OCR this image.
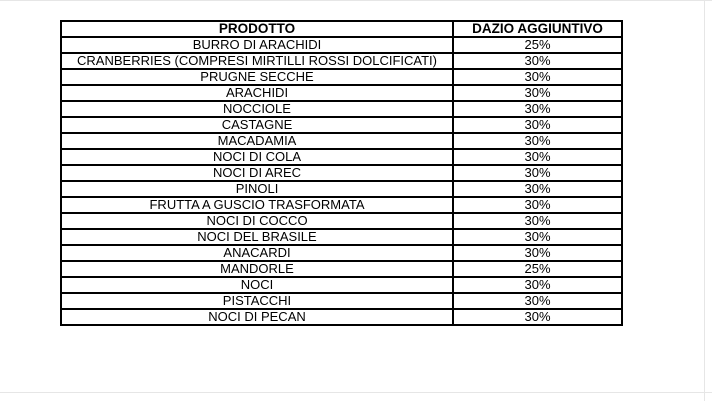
PRODOTTO	DAZIO AGGIUNTIVO
BURRO DI ARACHIDI	25%
CRANBERRIES (COMPRESI MIRTILLI ROSSI DOLCIFICATI)	30%
PRUGNE SECCHE	30%
ARACHIDI	30%
NOCCIOLE	30%
CASTAGNE	30%
MACADAMIA	30%
NOCI DI COLA	30%
NOCI DI AREC	30%
PINOLI	30%
FRUTTA A GUSCIO TRASFORMATA	30%
NOCI DI COCCO	30%
NOCI DEL BRASILE	30%
ANACARDI	30%
MANDORLE	25%
NOCI	30%
PISTACCHI	30%
NOCI DI PECAN	30%
